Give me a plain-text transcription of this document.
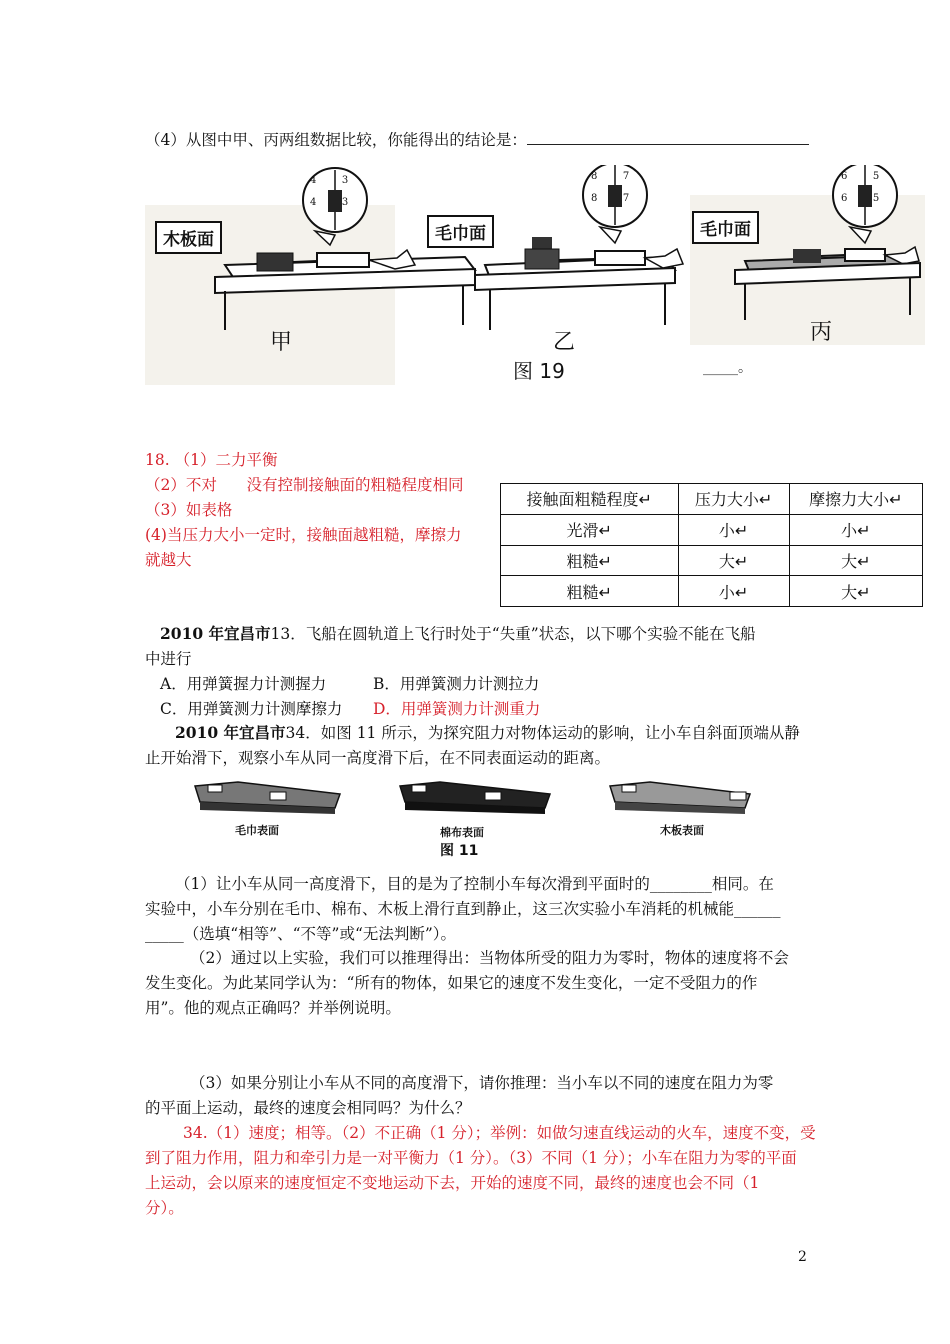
（4）从图中甲、丙两组数据比较，你能得出的结论是：
木板面	毛巾面	毛巾面
甲	乙	丙
图 19	_____。
4	3

4	3
8	7

8	7
6	5

6	5
18. （1）二力平衡
（2）不对 没有控制接触面的粗糙程度相同
（3）如表格
(4)当压力大小一定时，接触面越粗糙，摩擦力
就越大
接触面粗糙程度↵	压力大小↵	摩擦力大小↵
光滑↵	小↵	小↵
粗糙↵	大↵	大↵
粗糙↵	小↵	大↵
2010 年宜昌市13．飞船在圆轨道上飞行时处于“失重”状态，以下哪个实验不能在飞船
中进行
A．用弹簧握力计测握力	B．用弹簧测力计测拉力
C．用弹簧测力计测摩擦力 D．用弹簧测力计测重力
2010 年宜昌市34．如图 11 所示，为探究阻力对物体运动的影响，让小车自斜面顶端从静
止开始滑下，观察小车从同一高度滑下后，在不同表面运动的距离。
毛巾表面	棉布表面	木板表面
图 11
（1）让小车从同一高度滑下，目的是为了控制小车每次滑到平面时的________相同。在
实验中，小车分别在毛巾、棉布、木板上滑行直到静止，这三次实验小车消耗的机械能______
_____（选填“相等”、“不等”或“无法判断”）。
（2）通过以上实验，我们可以推理得出：当物体所受的阻力为零时，物体的速度将不会
发生变化。为此某同学认为：“所有的物体，如果它的速度不发生变化，一定不受阻力的作
用”。他的观点正确吗？并举例说明。
（3）如果分别让小车从不同的高度滑下，请你推理：当小车以不同的速度在阻力为零
的平面上运动，最终的速度会相同吗？为什么？
34.（1）速度；相等。（2）不正确（1 分）；举例：如做匀速直线运动的火车，速度不变，受
到了阻力作用，阻力和牵引力是一对平衡力（1 分）。（3）不同（1 分）；小车在阻力为零的平面
上运动，会以原来的速度恒定不变地运动下去，开始的速度不同，最终的速度也会不同（1
分）。
2
